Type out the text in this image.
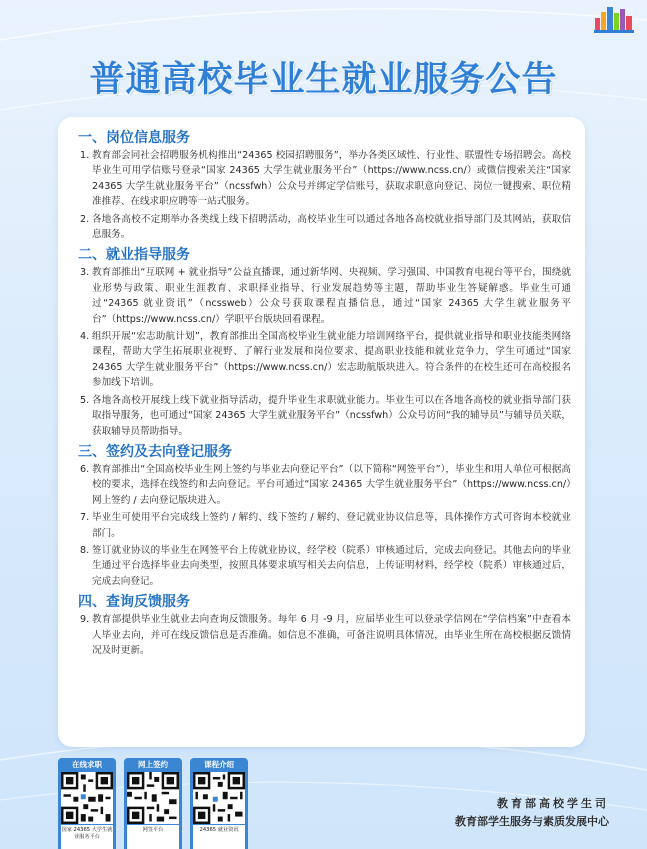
普通高校毕业生就业服务公告
一、岗位信息服务
1. 教育部会同社会招聘服务机构推出“24365 校园招聘服务”，举办各类区域性、行业性、联盟性专场招聘会。高校毕业生可用学信账号登录“国家 24365 大学生就业服务平台”（https://www.ncss.cn/）或微信搜索关注“国家 24365 大学生就业服务平台”（ncssfwh）公众号并绑定学信账号，获取求职意向登记、岗位一键搜索、职位精准推荐、在线求职应聘等一站式服务。
2. 各地各高校不定期举办各类线上线下招聘活动，高校毕业生可以通过各地各高校就业指导部门及其网站，获取信息服务。
二、就业指导服务
3. 教育部推出“互联网 + 就业指导”公益直播课，通过新华网、央视频、学习强国、中国教育电视台等平台，围绕就业形势与政策、职业生涯教育、求职择业指导、行业发展趋势等主题，帮助毕业生答疑解惑。毕业生可通过“24365 就业资讯”（ncssweb）公众号获取课程直播信息，通过“国家 24365 大学生就业服务平台”（https://www.ncss.cn/）学职平台版块回看课程。
4. 组织开展“宏志助航计划”，教育部推出全国高校毕业生就业能力培训网络平台，提供就业指导和职业技能类网络课程，帮助大学生拓展职业视野、了解行业发展和岗位要求、提高职业技能和就业竞争力，学生可通过“国家 24365 大学生就业服务平台”（https://www.ncss.cn/）宏志助航版块进入。符合条件的在校生还可在高校报名参加线下培训。
5. 各地各高校开展线上线下就业指导活动，提升毕业生求职就业能力。毕业生可以在各地各高校的就业指导部门获取指导服务，也可通过“国家 24365 大学生就业服务平台”（ncssfwh）公众号访问“我的辅导员”与辅导员关联，获取辅导员帮助指导。
三、签约及去向登记服务
6. 教育部推出“全国高校毕业生网上签约与毕业去向登记平台”（以下简称“网签平台”），毕业生和用人单位可根据高校的要求，选择在线签约和去向登记。平台可通过“国家 24365 大学生就业服务平台”（https://www.ncss.cn/）网上签约 / 去向登记版块进入。
7. 毕业生可使用平台完成线上签约 / 解约、线下签约 / 解约、登记就业协议信息等，具体操作方式可咨询本校就业部门。
8. 签订就业协议的毕业生在网签平台上传就业协议，经学校（院系）审核通过后，完成去向登记。其他去向的毕业生通过平台选择毕业去向类型，按照具体要求填写相关去向信息，上传证明材料，经学校（院系）审核通过后，完成去向登记。
四、查询反馈服务
9. 教育部提供毕业生就业去向查询反馈服务。每年 6 月 -9 月，应届毕业生可以登录学信网在“学信档案”中查看本人毕业去向，并可在线反馈信息是否准确。如信息不准确，可备注说明具体情况，由毕业生所在高校根据反馈情况及时更新。
在线求职
国家 24365 大学生就业服务平台
网上签约
网签平台
课程介绍
24365 就业资讯
教育部高校学生司
教育部学生服务与素质发展中心
